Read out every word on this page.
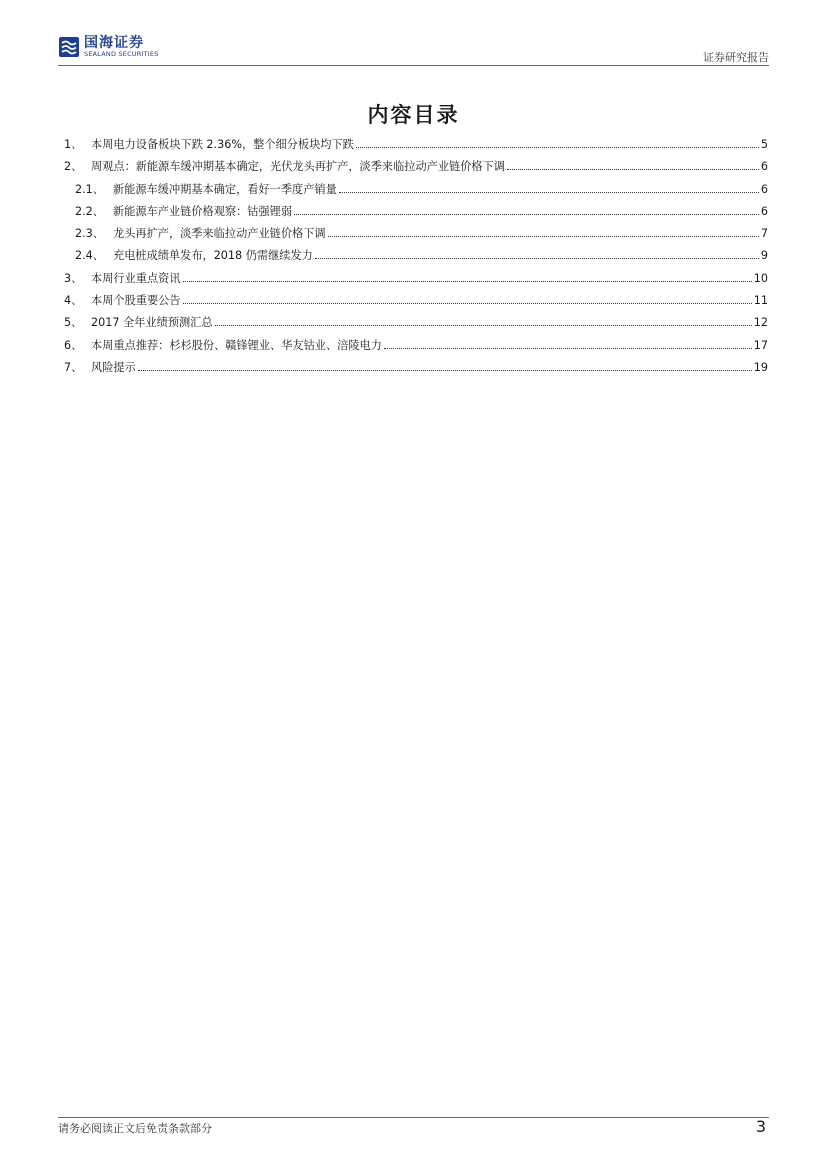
国海证券
SEALAND SECURITIES	证券研究报告
内容目录
1、 本周电力设备板块下跌 2.36%，整个细分板块均下跌	5
2、 周观点：新能源车缓冲期基本确定，光伏龙头再扩产，淡季来临拉动产业链价格下调	6
2.1、 新能源车缓冲期基本确定，看好一季度产销量	6
2.2、 新能源车产业链价格观察：钴强锂弱	6
2.3、 龙头再扩产，淡季来临拉动产业链价格下调	7
2.4、 充电桩成绩单发布，2018 仍需继续发力	9
3、 本周行业重点资讯	10
4、 本周个股重要公告	11
5、 2017 全年业绩预测汇总	12
6、 本周重点推荐：杉杉股份、赣锋锂业、华友钴业、涪陵电力	17
7、 风险提示	19
请务必阅读正文后免责条款部分	3
